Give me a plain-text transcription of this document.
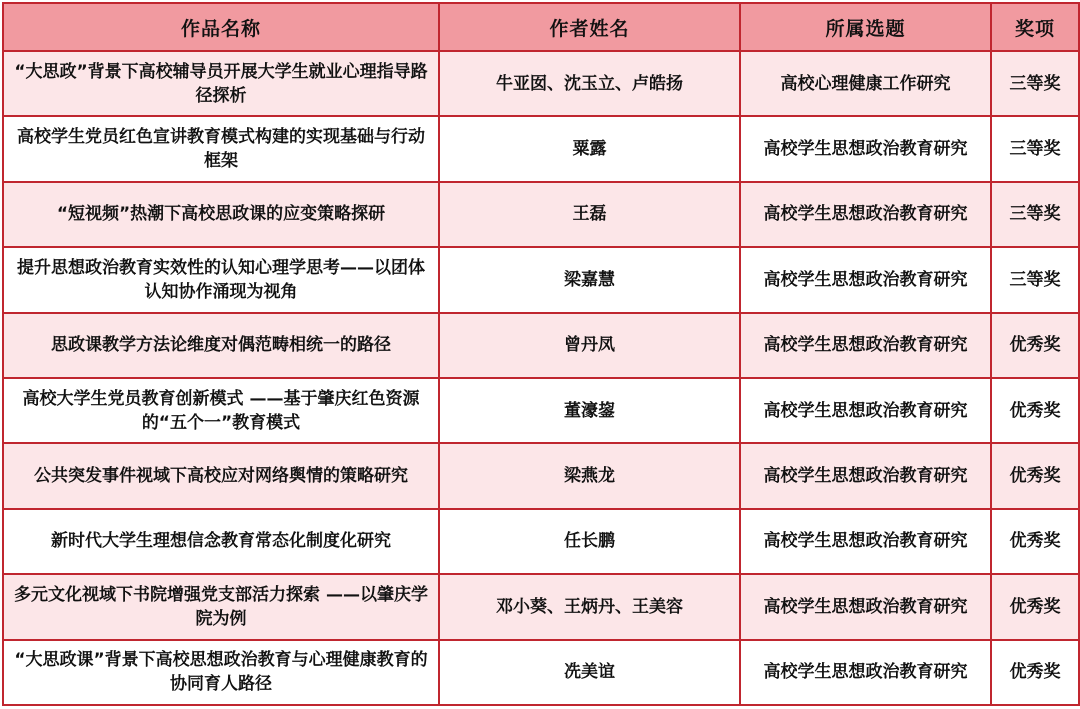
作品名称	作者姓名	所属选题	奖项
“大思政”背景下高校辅导员开展大学生就业心理指导路径探析	牛亚囡、沈玉立、卢皓扬	高校心理健康工作研究	三等奖
高校学生党员红色宣讲教育模式构建的实现基础与行动框架	粟露	高校学生思想政治教育研究	三等奖
“短视频”热潮下高校思政课的应变策略探研	王磊	高校学生思想政治教育研究	三等奖
提升思想政治教育实效性的认知心理学思考——以团体认知协作涌现为视角	梁嘉慧	高校学生思想政治教育研究	三等奖
思政课教学方法论维度对偶范畴相统一的路径	曾丹凤	高校学生思想政治教育研究	优秀奖
高校大学生党员教育创新模式 ——基于肇庆红色资源的“五个一”教育模式	董濠鋆	高校学生思想政治教育研究	优秀奖
公共突发事件视域下高校应对网络舆情的策略研究	梁燕龙	高校学生思想政治教育研究	优秀奖
新时代大学生理想信念教育常态化制度化研究	任长鹏	高校学生思想政治教育研究	优秀奖
多元文化视域下书院增强党支部活力探索 ——以肇庆学院为例	邓小葵、王炳丹、王美容	高校学生思想政治教育研究	优秀奖
“大思政课”背景下高校思想政治教育与心理健康教育的协同育人路径	冼美谊	高校学生思想政治教育研究	优秀奖
